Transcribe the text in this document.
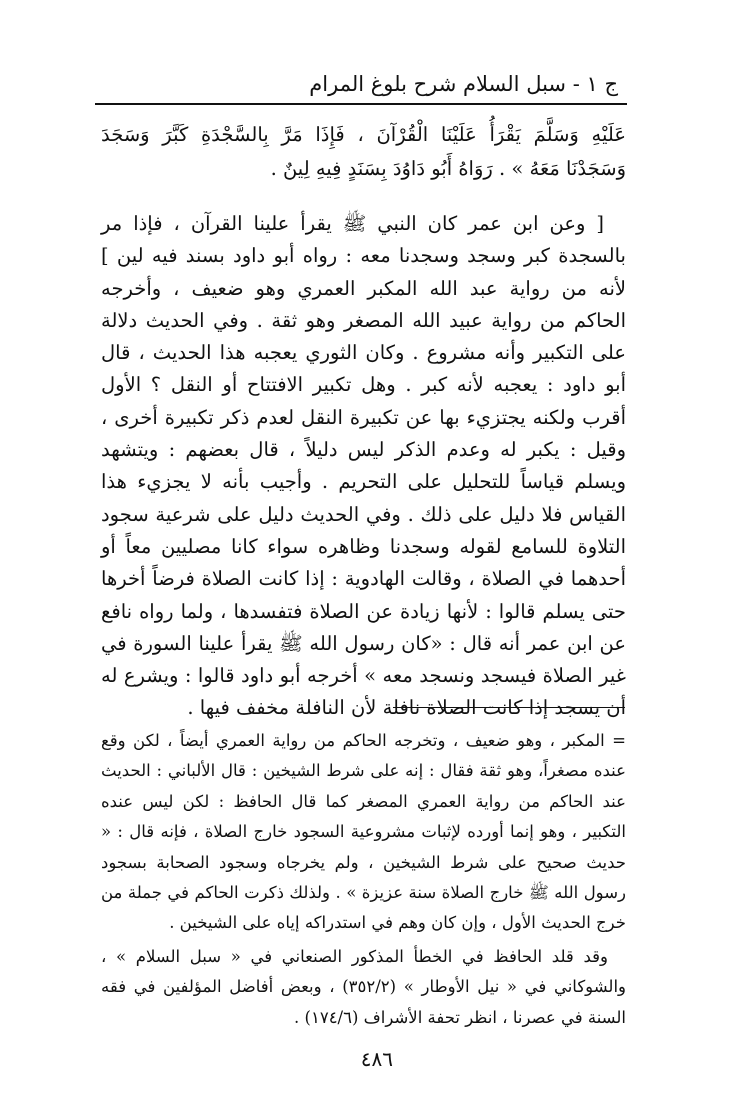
ج ١ - سبل السلام شرح بلوغ المرام

عَلَيْهِ وَسَلَّمَ يَقْرَأُ عَلَيْنَا الْقُرْآنَ ، فَإِذَا مَرَّ بِالسَّجْدَةِ كَبَّرَ وَسَجَدَ وَسَجَدْنَا مَعَهُ » . رَوَاهُ أَبُو دَاوُدَ بِسَنَدٍ فِيهِ لِينٌ .

[ وعن ابن عمر كان النبي ﷺ يقرأ علينا القرآن ، فإذا مر بالسجدة كبر وسجد وسجدنا معه : رواه أبو داود بسند فيه لين ] لأنه من رواية عبد الله المكبر العمري وهو ضعيف ، وأخرجه الحاكم من رواية عبيد الله المصغر وهو ثقة . وفي الحديث دلالة على التكبير وأنه مشروع . وكان الثوري يعجبه هذا الحديث ، قال أبو داود : يعجبه لأنه كبر . وهل تكبير الافتتاح أو النقل ؟ الأول أقرب ولكنه يجتزيء بها عن تكبيرة النقل لعدم ذكر تكبيرة أخرى ، وقيل : يكبر له وعدم الذكر ليس دليلاً ، قال بعضهم : ويتشهد ويسلم قياساً للتحليل على التحريم . وأجيب بأنه لا يجزيء هذا القياس فلا دليل على ذلك . وفي الحديث دليل على شرعية سجود التلاوة للسامع لقوله وسجدنا وظاهره سواء كانا مصليين معاً أو أحدهما في الصلاة ، وقالت الهادوية : إذا كانت الصلاة فرضاً أخرها حتى يسلم قالوا : لأنها زيادة عن الصلاة فتفسدها ، ولما رواه نافع عن ابن عمر أنه قال : «كان رسول الله ﷺ يقرأ علينا السورة في غير الصلاة فيسجد ونسجد معه » أخرجه أبو داود قالوا : ويشرع له أن يسجد إذا كانت الصلاة نافلة لأن النافلة مخفف فيها .

= المكبر ، وهو ضعيف ، وتخرجه الحاكم من رواية العمري أيضاً ، لكن وقع عنده مصغراً، وهو ثقة فقال : إنه على شرط الشيخين : قال الألباني : الحديث عند الحاكم من رواية العمري المصغر كما قال الحافظ : لكن ليس عنده التكبير ، وهو إنما أورده لإثبات مشروعية السجود خارج الصلاة ، فإنه قال : « حديث صحيح على شرط الشيخين ، ولم يخرجاه وسجود الصحابة بسجود رسول الله ﷺ خارج الصلاة سنة عزيزة » . ولذلك ذكرت الحاكم في جملة من خرج الحديث الأول ، وإن كان وهم في استدراكه إياه على الشيخين .

وقد قلد الحافظ في الخطأ المذكور الصنعاني في « سبل السلام » ، والشوكاني في « نيل الأوطار » (٣٥٢/٢) ، وبعض أفاضل المؤلفين في فقه السنة في عصرنا ، انظر تحفة الأشراف (١٧٤/٦) .

٤٨٦
